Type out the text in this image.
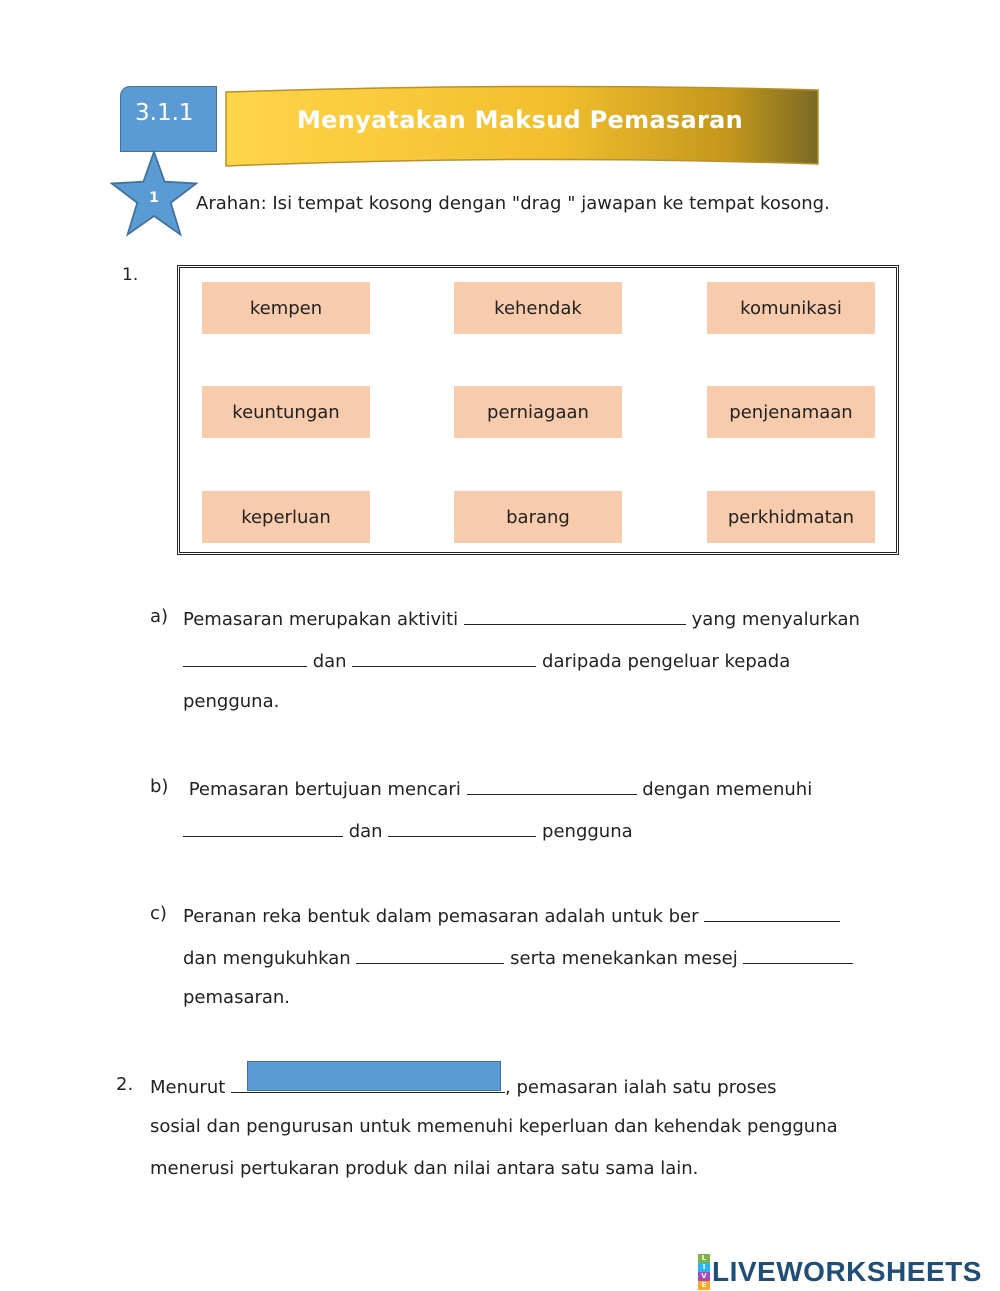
3.1.1	Menyatakan Maksud Pemasaran
1	Arahan: Isi tempat kosong dengan "drag " jawapan ke tempat kosong.
1.
kempen	kehendak	komunikasi
keuntungan	perniagaan	penjenamaan
keperluan	barang	perkhidmatan
a) Pemasaran merupakan aktiviti	yang menyalurkan
dan	daripada pengeluar kepada
pengguna.
b) Pemasaran bertujuan mencari	dengan memenuhi
dan	pengguna
c) Peranan reka bentuk dalam pemasaran adalah untuk ber
dan mengukuhkan	serta menekankan mesej
pemasaran.
2. Menurut	, pemasaran ialah satu proses
sosial dan pengurusan untuk memenuhi keperluan dan kehendak pengguna
menerusi pertukaran produk dan nilai antara satu sama lain.
L
I
V
E LIVEWORKSHEETS
